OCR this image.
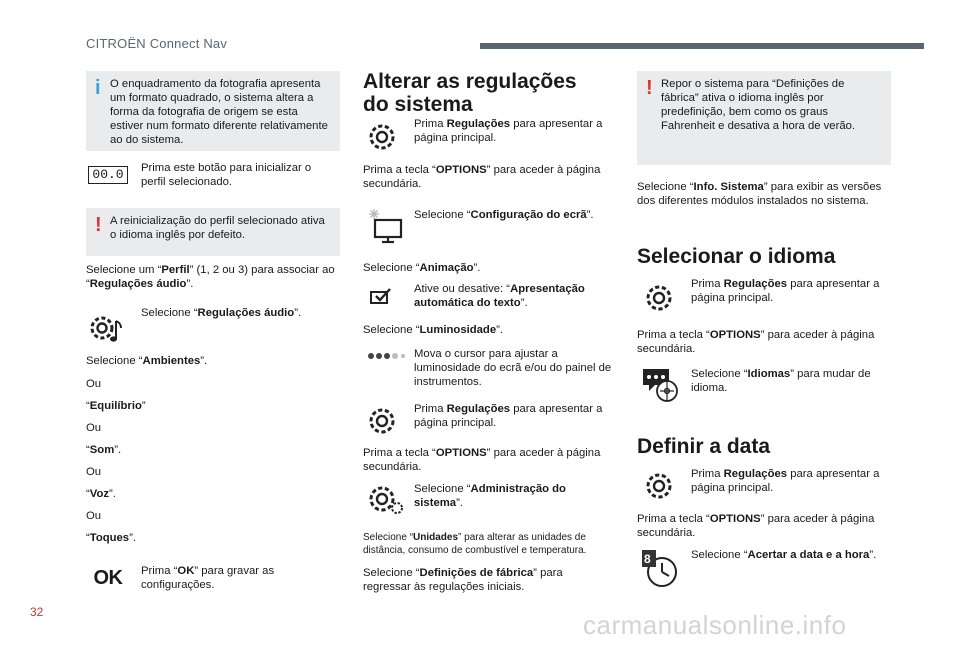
CITROËN Connect Nav
i O enquadramento da fotografia apresenta um formato quadrado, o sistema altera a forma da fotografia de origem se esta estiver num formato diferente relativamente ao do sistema.
00.0 Prima este botão para inicializar o perfil selecionado.
! A reinicialização do perfil selecionado ativa o idioma inglês por defeito.
Selecione um “Perfil” (1, 2 ou 3) para associar ao “Regulações áudio”.
Selecione “Regulações áudio”.
Selecione “Ambientes”.
Ou
“Equilíbrio”
Ou
“Som”.
Ou
“Voz”.
Ou
“Toques”.
OK Prima “OK” para gravar as configurações.
Alterar as regulações do sistema
Prima Regulações para apresentar a página principal.
Prima a tecla “OPTIONS” para aceder à página secundária.
Selecione “Configuração do ecrã”.
Selecione “Animação”.
Ative ou desative: “Apresentação automática do texto”.
Selecione “Luminosidade”.
Mova o cursor para ajustar a luminosidade do ecrã e/ou do painel de instrumentos.
Prima Regulações para apresentar a página principal.
Prima a tecla “OPTIONS” para aceder à página secundária.
Selecione “Administração do sistema”.
Selecione “Unidades” para alterar as unidades de distância, consumo de combustível e temperatura.
Selecione “Definições de fábrica” para regressar às regulações iniciais.
! Repor o sistema para “Definições de fábrica” ativa o idioma inglês por predefinição, bem como os graus Fahrenheit e desativa a hora de verão.
Selecione “Info. Sistema” para exibir as versões dos diferentes módulos instalados no sistema.
Selecionar o idioma
Prima Regulações para apresentar a página principal.
Prima a tecla “OPTIONS” para aceder à página secundária.
Selecione “Idiomas” para mudar de idioma.
Definir a data
Prima Regulações para apresentar a página principal.
Prima a tecla “OPTIONS” para aceder à página secundária.
8	Selecione “Acertar a data e a hora”.
32	carmanualsonline.info
